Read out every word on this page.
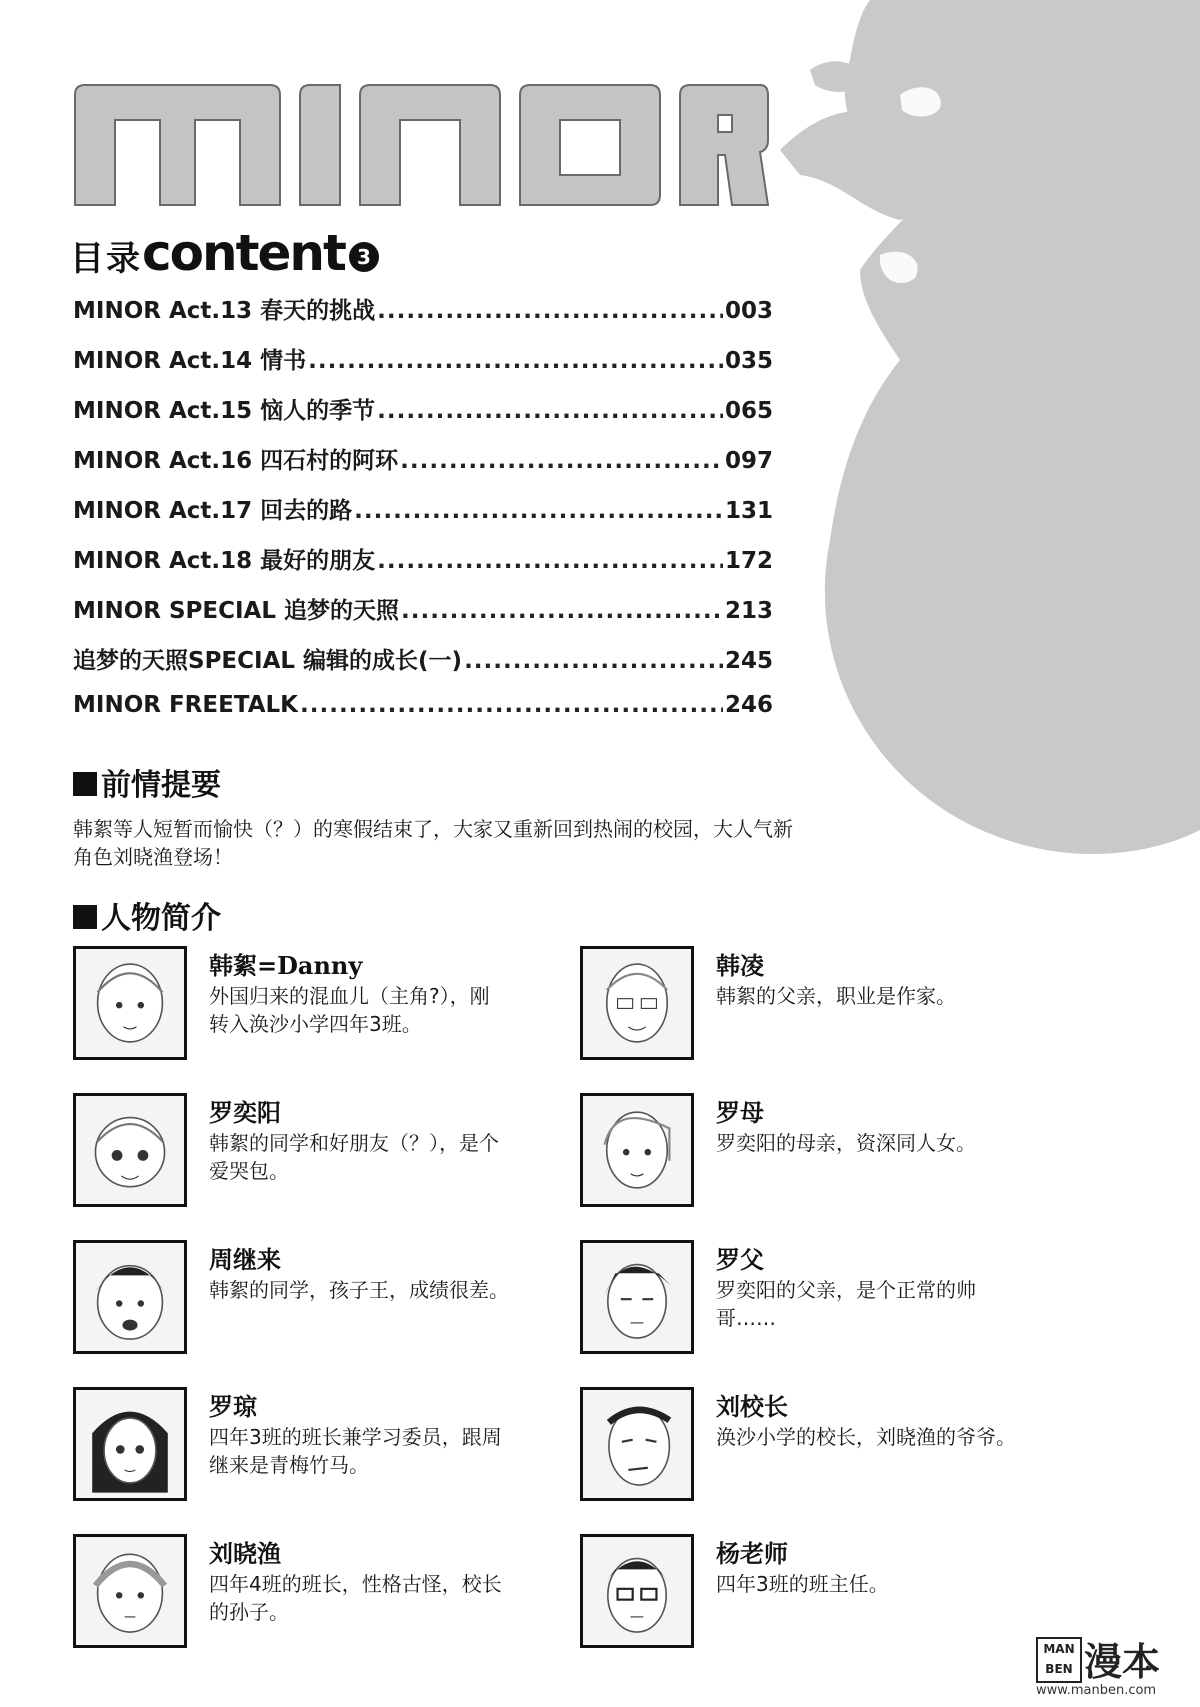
目录content 3
MINOR Act.13 春天的挑战 .....	003
MINOR Act.14 情书 .....	035
MINOR Act.15 恼人的季节 .....	065
MINOR Act.16 四石村的阿环 .....	097
MINOR Act.17 回去的路 .....	131
MINOR Act.18 最好的朋友 .....	172
MINOR SPECIAL 追梦的天照 .....	213
追梦的天照SPECIAL 编辑的成长(一) .....	245
MINOR FREETALK .....	246
前情提要
韩絮等人短暂而愉快（？）的寒假结束了，大家又重新回到热闹的校园，大人气新角色刘晓渔登场！
人物简介
韩絮=Danny
外国归来的混血儿（主角?），刚转入涣沙小学四年3班。
韩凌
韩絮的父亲，职业是作家。
罗奕阳
韩絮的同学和好朋友（？），是个爱哭包。
罗母
罗奕阳的母亲，资深同人女。
周继来
韩絮的同学，孩子王，成绩很差。
罗父
罗奕阳的父亲，是个正常的帅哥……
罗琼
四年3班的班长兼学习委员，跟周继来是青梅竹马。
刘校长
涣沙小学的校长，刘晓渔的爷爷。
刘晓渔
四年4班的班长，性格古怪，校长的孙子。
杨老师
四年3班的班主任。
MAN BEN 漫本
www.manben.com
